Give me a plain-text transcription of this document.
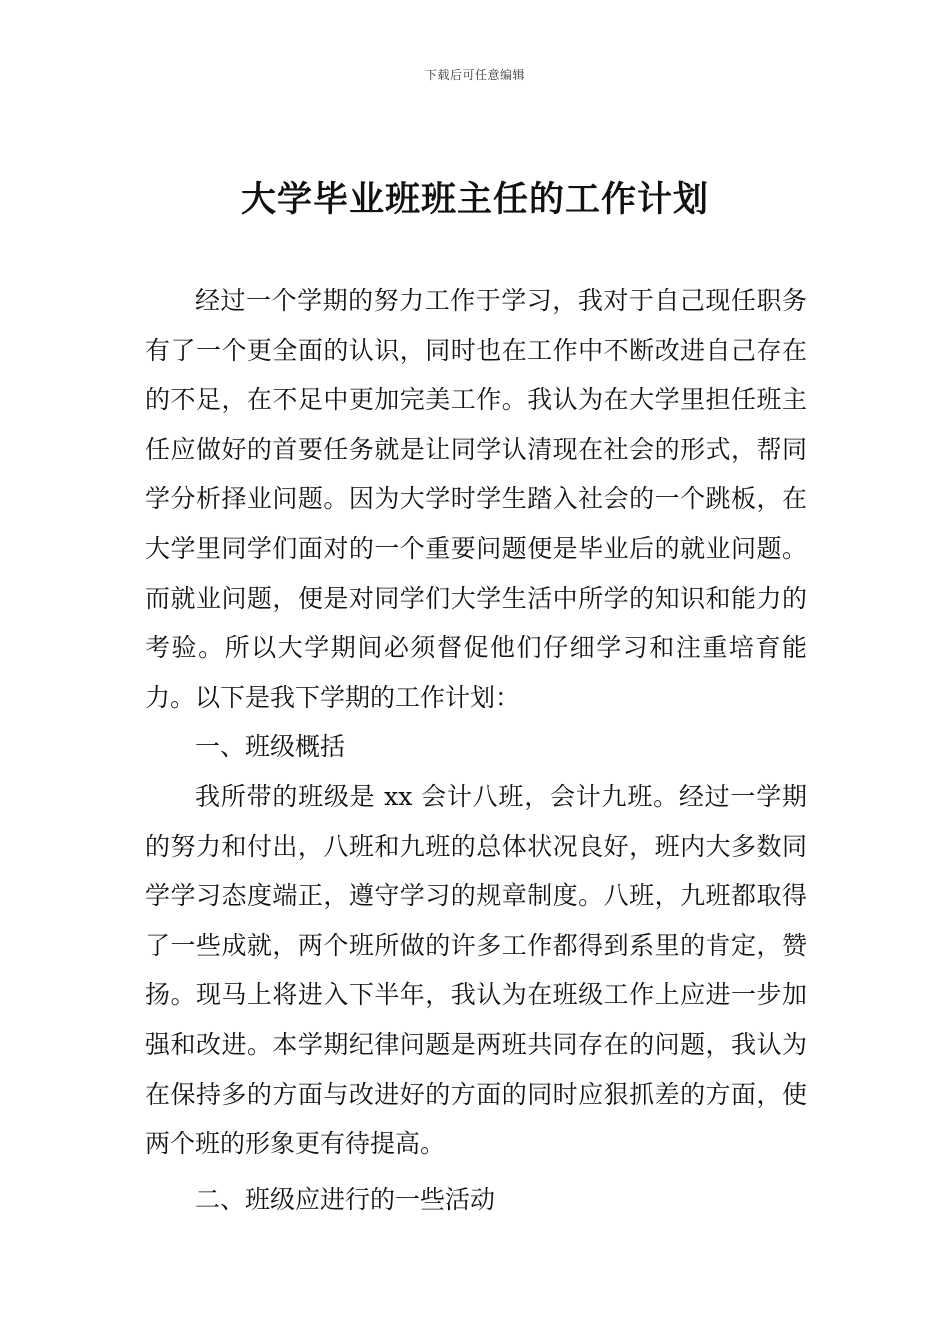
下载后可任意编辑
大学毕业班班主任的工作计划

经过一个学期的努力工作于学习，我对于自己现任职务有了一个更全面的认识，同时也在工作中不断改进自己存在的不足，在不足中更加完美工作。我认为在大学里担任班主任应做好的首要任务就是让同学认清现在社会的形式，帮同学分析择业问题。因为大学时学生踏入社会的一个跳板，在大学里同学们面对的一个重要问题便是毕业后的就业问题。而就业问题，便是对同学们大学生活中所学的知识和能力的考验。所以大学期间必须督促他们仔细学习和注重培育能力。以下是我下学期的工作计划：

一、班级概括

我所带的班级是 xx 会计八班，会计九班。经过一学期的努力和付出，八班和九班的总体状况良好，班内大多数同学学习态度端正，遵守学习的规章制度。八班，九班都取得了一些成就，两个班所做的许多工作都得到系里的肯定，赞扬。现马上将进入下半年，我认为在班级工作上应进一步加强和改进。本学期纪律问题是两班共同存在的问题，我认为在保持多的方面与改进好的方面的同时应狠抓差的方面，使两个班的形象更有待提高。

二、班级应进行的一些活动
